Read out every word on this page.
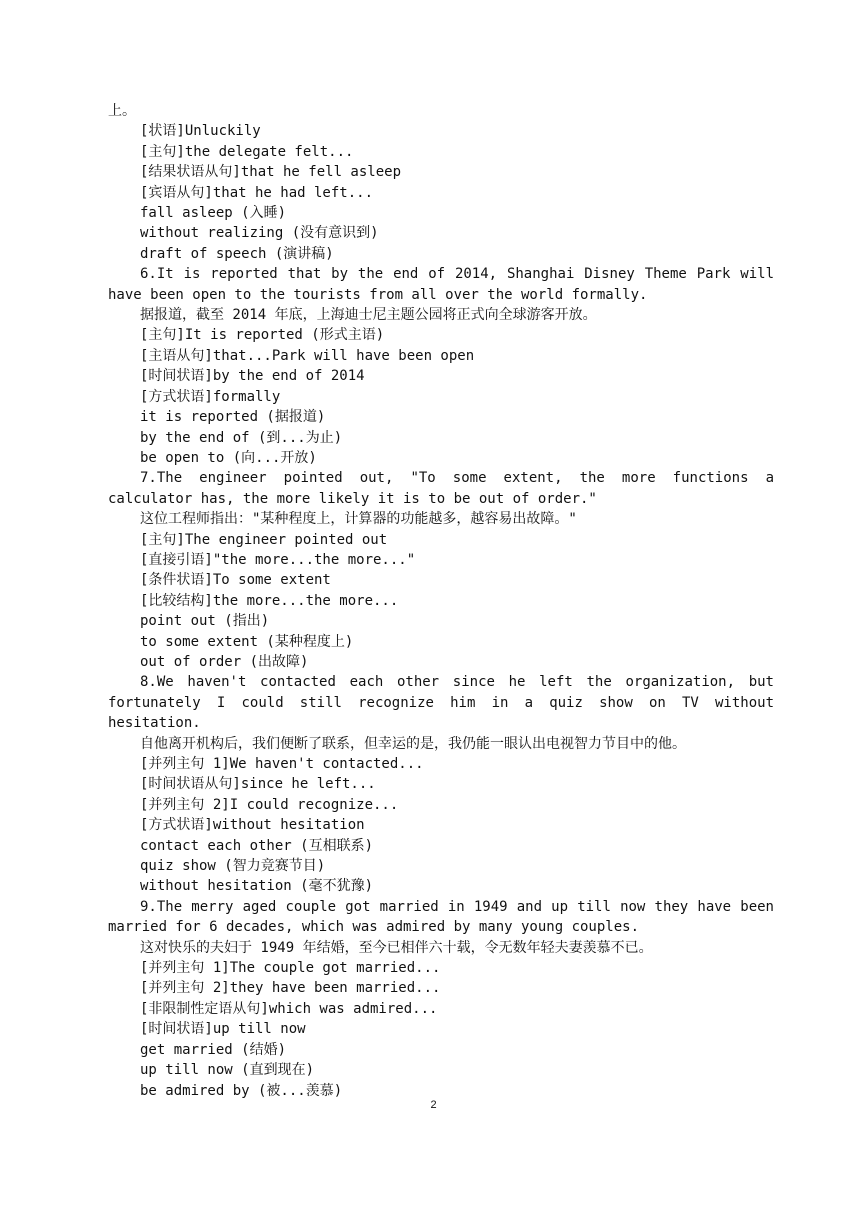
上。
[状语]Unluckily
[主句]the delegate felt...
[结果状语从句]that he fell asleep
[宾语从句]that he had left...
fall asleep (入睡)
without realizing (没有意识到)
draft of speech (演讲稿)
6.It is reported that by the end of 2014, Shanghai Disney Theme Park will have been open to the tourists from all over the world formally.
据报道，截至 2014 年底，上海迪士尼主题公园将正式向全球游客开放。
[主句]It is reported (形式主语)
[主语从句]that...Park will have been open
[时间状语]by the end of 2014
[方式状语]formally
it is reported (据报道)
by the end of (到...为止)
be open to (向...开放)
7.The engineer pointed out, "To some extent, the more functions a calculator has, the more likely it is to be out of order."
这位工程师指出："某种程度上，计算器的功能越多，越容易出故障。"
[主句]The engineer pointed out
[直接引语]"the more...the more..."
[条件状语]To some extent
[比较结构]the more...the more...
point out (指出)
to some extent (某种程度上)
out of order (出故障)
8.We haven't contacted each other since he left the organization, but fortunately I could still recognize him in a quiz show on TV without hesitation.
自他离开机构后，我们便断了联系，但幸运的是，我仍能一眼认出电视智力节目中的他。
[并列主句 1]We haven't contacted...
[时间状语从句]since he left...
[并列主句 2]I could recognize...
[方式状语]without hesitation
contact each other (互相联系)
quiz show (智力竞赛节目)
without hesitation (毫不犹豫)
9.The merry aged couple got married in 1949 and up till now they have been married for 6 decades, which was admired by many young couples.
这对快乐的夫妇于 1949 年结婚，至今已相伴六十载，令无数年轻夫妻羡慕不已。
[并列主句 1]The couple got married...
[并列主句 2]they have been married...
[非限制性定语从句]which was admired...
[时间状语]up till now
get married (结婚)
up till now (直到现在)
be admired by (被...羡慕)
2
